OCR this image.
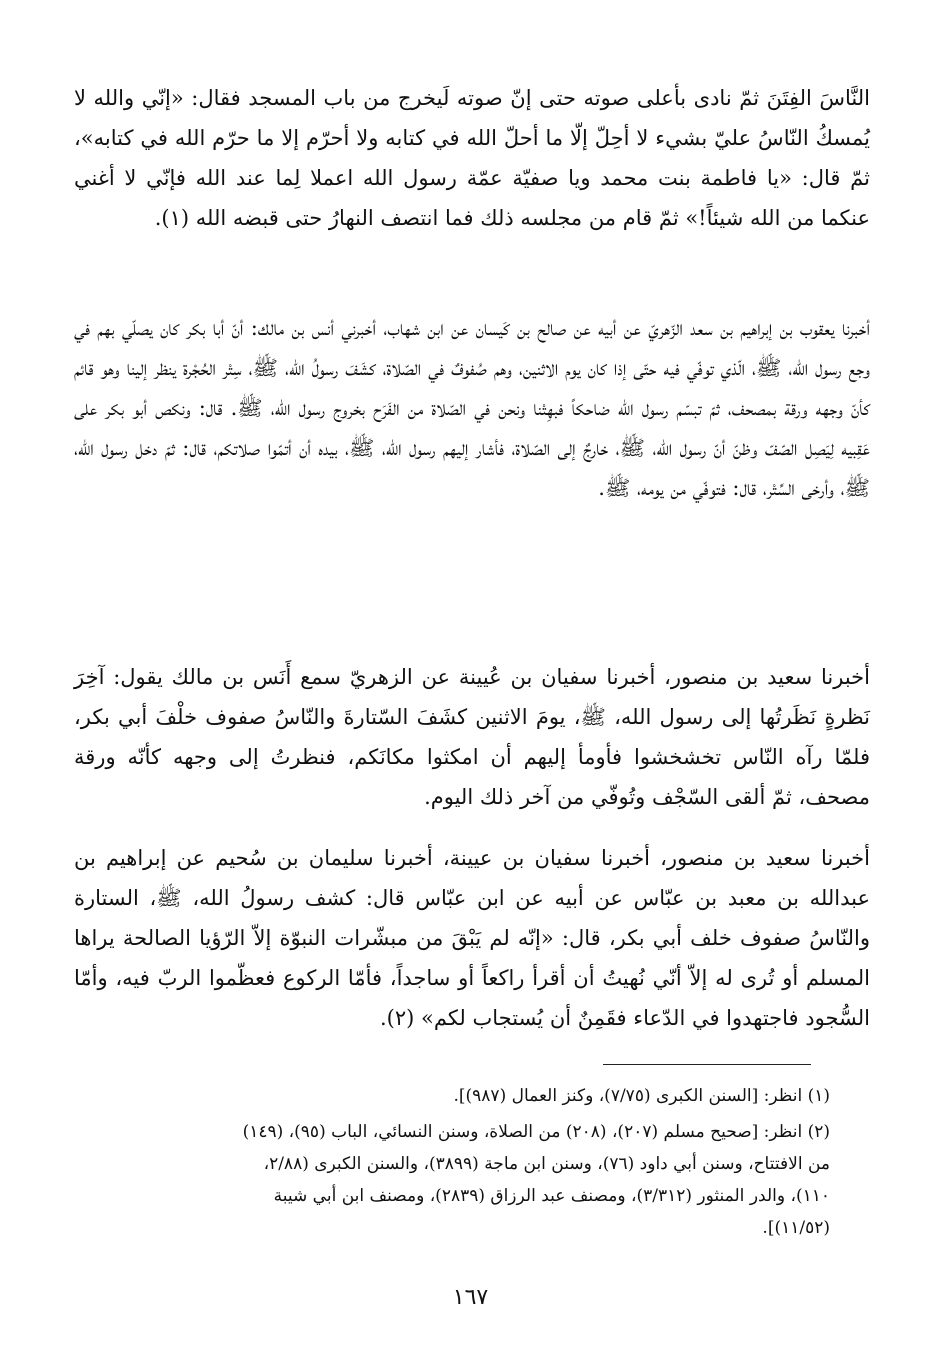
النَّاسَ الفِتَنَ ثمّ نادى بأعلى صوته حتى إنّ صوته لَيخرج من باب المسجد فقال: «إنّي والله لا يُمسكُ النّاسُ عليّ بشيء لا أحِلّ إلّا ما أحلّ الله في كتابه ولا أحرّم إلا ما حرّم الله في كتابه»، ثمّ قال: «يا فاطمة بنت محمد ويا صفيّة عمّة رسول الله اعملا لِما عند الله فإنّي لا أغني عنكما من الله شيئاً!» ثمّ قام من مجلسه ذلك فما انتصف النهارُ حتى قبضه الله (١).
أخبرنا يعقوب بن إبراهيم بن سعد الزّهريّ عن أبيه عن صالح بن كَيسان عن ابن شهاب، أخبرني أنس بن مالك: أنّ أبا بكر كان يصلّي بهم في وجع رسول الله، ﷺ، الّذي توفّي فيه حتّى إذا كان يوم الاثنين، وهم صُفوفٌ في الصّلاة، كشَفَ رسولُ الله، ﷺ، سِتْر الحُجْرة ينظر إلينا وهو قائم كأنّ وجهه ورقة بمصحف، ثمّ تبسّم رسول الله ضاحكاً فبهِتْنا ونحن في الصّلاة من الفَرَح بخروج رسول الله، ﷺ. قال: ونكص أبو بكر على عَقِبيه لِيَصِل الصّفّ وظنّ أنّ رسول الله، ﷺ، خارجٌ إلى الصّلاة، فأشار إليهم رسول الله، ﷺ، بيده أن أتمّوا صلاتكم، قال: ثمّ دخل رسول الله، ﷺ، وأرخى السِّتْر، قال: فتوفّي من يومه، ﷺ.
أخبرنا سعيد بن منصور، أخبرنا سفيان بن عُيينة عن الزهريّ سمع أَنَس بن مالك يقول: آخِرَ نَظرةٍ نَظَرتُها إلى رسول الله، ﷺ، يومَ الاثنين كشَفَ السّتارةَ والنّاسُ صفوف خلْفَ أبي بكر، فلمّا رآه النّاس تخشخشوا فأومأ إليهم أن امكثوا مكانَكم، فنظرتُ إلى وجهه كأنّه ورقة مصحف، ثمّ ألقى السّجْف وتُوفّي من آخر ذلك اليوم.
أخبرنا سعيد بن منصور، أخبرنا سفيان بن عيينة، أخبرنا سليمان بن سُحيم عن إبراهيم بن عبدالله بن معبد بن عبّاس عن أبيه عن ابن عبّاس قال: كشف رسولُ الله، ﷺ، الستارة والنّاسُ صفوف خلف أبي بكر، قال: «إنّه لم يَبْقَ من مبشّرات النبوّة إلاّ الرّؤيا الصالحة يراها المسلم أو تُرى له إلاّ أنّي نُهيتُ أن أقرأ راكعاً أو ساجداً، فأمّا الركوع فعظّموا الربّ فيه، وأمّا السُّجود فاجتهدوا في الدّعاء فقَمِنٌ أن يُستجاب لكم» (٢).
(١) انظر: [السنن الكبرى (٧/٧٥)، وكنز العمال (٩٨٧)].
(٢) انظر: [صحيح مسلم (٢٠٧)، (٢٠٨) من الصلاة، وسنن النسائي، الباب (٩٥)، (١٤٩)
من الافتتاح، وسنن أبي داود (٧٦)، وسنن ابن ماجة (٣٨٩٩)، والسنن الكبرى (٢/٨٨،
١١٠)، والدر المنثور (٣/٣١٢)، ومصنف عبد الرزاق (٢٨٣٩)، ومصنف ابن أبي شيبة
(١١/٥٢)].
١٦٧
